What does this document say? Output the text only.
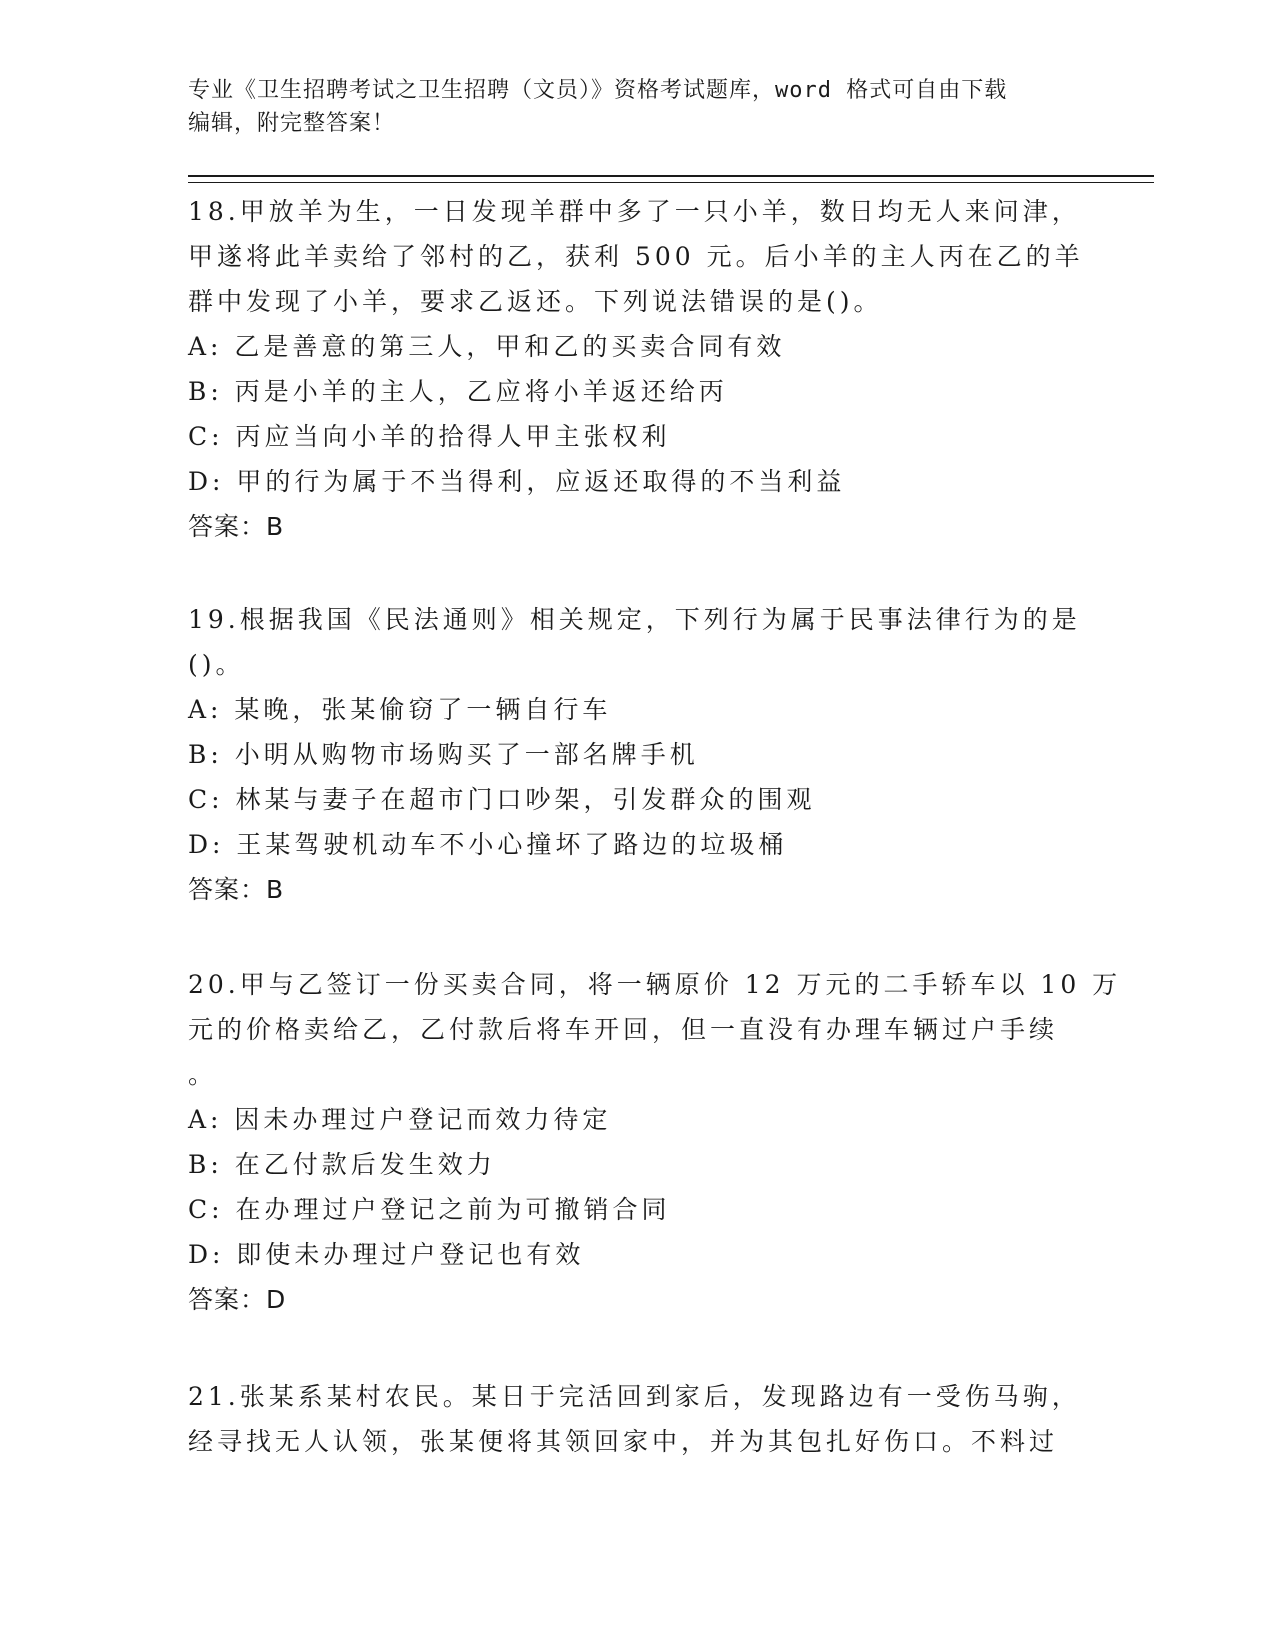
专业《卫生招聘考试之卫生招聘（文员）》资格考试题库，word 格式可自由下载
编辑，附完整答案！
18.甲放羊为生，一日发现羊群中多了一只小羊，数日均无人来问津，
甲遂将此羊卖给了邻村的乙，获利 500 元。后小羊的主人丙在乙的羊
群中发现了小羊，要求乙返还。下列说法错误的是()。
A: 乙是善意的第三人，甲和乙的买卖合同有效
B: 丙是小羊的主人，乙应将小羊返还给丙
C: 丙应当向小羊的拾得人甲主张权利
D: 甲的行为属于不当得利，应返还取得的不当利益
答案：B
19.根据我国《民法通则》相关规定，下列行为属于民事法律行为的是
()。
A: 某晚，张某偷窃了一辆自行车
B: 小明从购物市场购买了一部名牌手机
C: 林某与妻子在超市门口吵架，引发群众的围观
D: 王某驾驶机动车不小心撞坏了路边的垃圾桶
答案：B
20.甲与乙签订一份买卖合同，将一辆原价 12 万元的二手轿车以 10 万
元的价格卖给乙，乙付款后将车开回，但一直没有办理车辆过户手续
。
A: 因未办理过户登记而效力待定
B: 在乙付款后发生效力
C: 在办理过户登记之前为可撤销合同
D: 即使未办理过户登记也有效
答案：D
21.张某系某村农民。某日于完活回到家后，发现路边有一受伤马驹，
经寻找无人认领，张某便将其领回家中，并为其包扎好伤口。不料过
